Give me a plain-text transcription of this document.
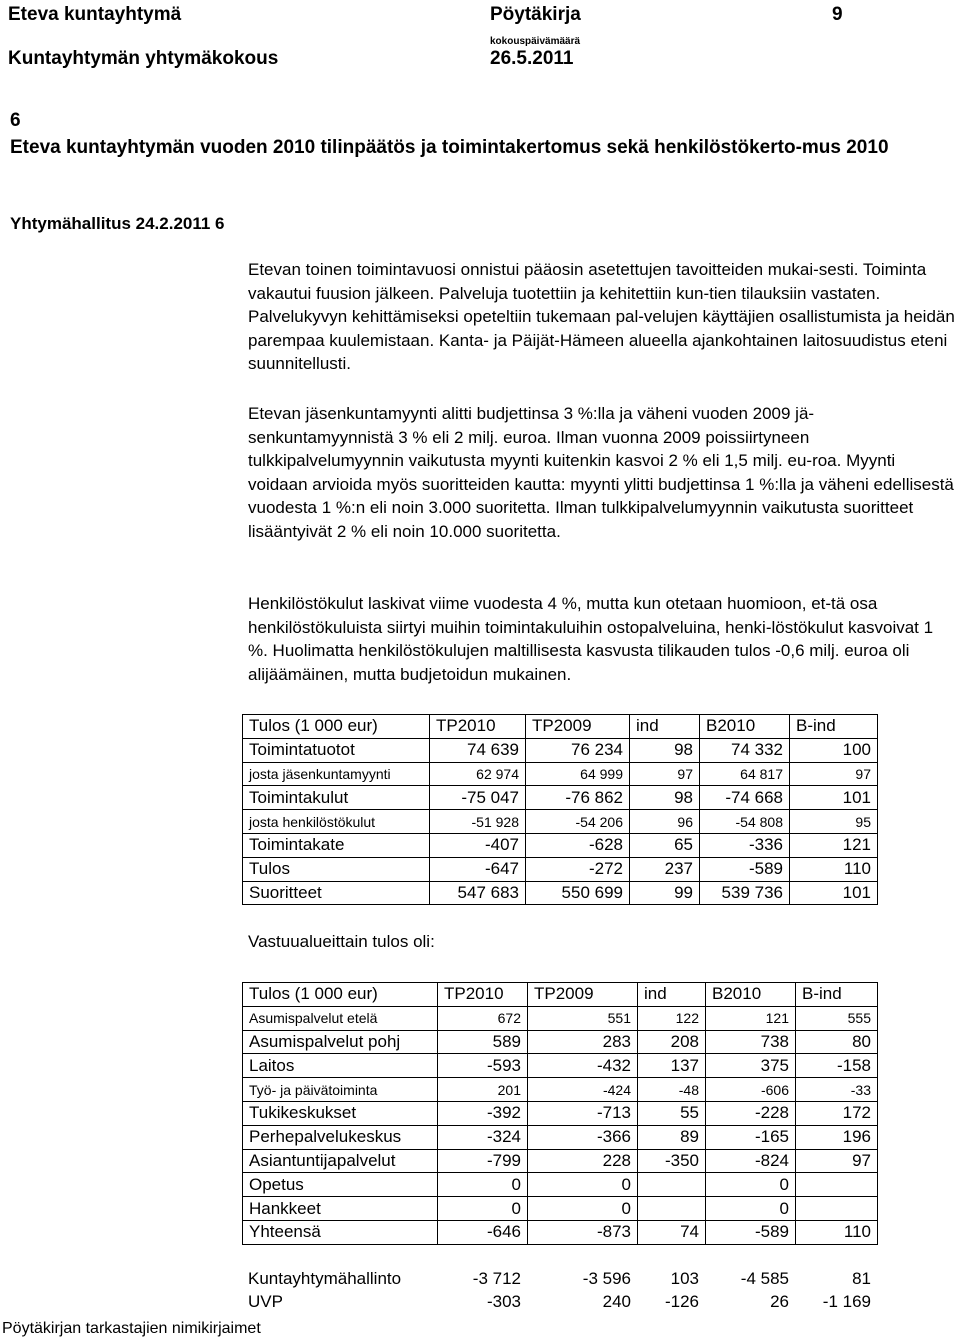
Eteva kuntayhtymä	Pöytäkirja	9
Kuntayhtymän yhtymäkokous
kokouspäivämäärä
26.5.2011
6
Eteva kuntayhtymän vuoden 2010 tilinpäätös ja toimintakertomus sekä henkilöstökerto-mus 2010
Yhtymähallitus 24.2.2011 6
Etevan toinen toimintavuosi onnistui pääosin asetettujen tavoitteiden mukai-sesti. Toiminta vakautui fuusion jälkeen. Palveluja tuotettiin ja kehitettiin kun-tien tilauksiin vastaten. Palvelukyvyn kehittämiseksi opeteltiin tukemaan pal-velujen käyttäjien osallistumista ja heidän parempaa kuulemistaan. Kanta- ja Päijät-Hämeen alueella ajankohtainen laitosuudistus eteni suunnitellusti.
Etevan jäsenkuntamyynti alitti budjettinsa 3 %:lla ja väheni vuoden 2009 jä-senkuntamyynnistä 3 % eli 2 milj. euroa. Ilman vuonna 2009 poissiirtyneen tulkkipalvelumyynnin vaikutusta myynti kuitenkin kasvoi 2 % eli 1,5 milj. eu-roa. Myynti voidaan arvioida myös suoritteiden kautta: myynti ylitti budjettinsa 1 %:lla ja väheni edellisestä vuodesta 1 %:n eli noin 3.000 suoritetta. Ilman tulkkipalvelumyynnin vaikutusta suoritteet lisääntyivät 2 % eli noin 10.000 suoritetta.
Henkilöstökulut laskivat viime vuodesta 4 %, mutta kun otetaan huomioon, et-tä osa henkilöstökuluista siirtyi muihin toimintakuluihin ostopalveluina, henki-löstökulut kasvoivat 1 %. Huolimatta henkilöstökulujen maltillisesta kasvusta tilikauden tulos -0,6 milj. euroa oli alijäämäinen, mutta budjetoidun mukainen.
Tulos (1 000 eur)	TP2010	TP2009	ind	B2010	B-ind
Toimintatuotot	74 639	76 234	98	74 332	100
josta jäsenkuntamyynti	62 974	64 999	97	64 817	97
Toimintakulut	-75 047	-76 862	98	-74 668	101
josta henkilöstökulut	-51 928	-54 206	96	-54 808	95
Toimintakate	-407	-628	65	-336	121
Tulos	-647	-272	237	-589	110
Suoritteet	547 683	550 699	99	539 736	101
Vastuualueittain tulos oli:
Tulos (1 000 eur)	TP2010	TP2009	ind	B2010	B-ind
Asumispalvelut etelä	672	551	122	121	555
Asumispalvelut pohj	589	283	208	738	80
Laitos	-593	-432	137	375	-158
Työ- ja päivätoiminta	201	-424	-48	-606	-33
Tukikeskukset	-392	-713	55	-228	172
Perhepalvelukeskus	-324	-366	89	-165	196
Asiantuntijapalvelut	-799	228	-350	-824	97
Opetus	0	0		0	
Hankkeet	0	0		0	
Yhteensä	-646	-873	74	-589	110
Kuntayhtymähallinto	-3 712	-3 596	103	-4 585	81
UVP	-303	240	-126	26	-1 169
Pöytäkirjan tarkastajien nimikirjaimet
